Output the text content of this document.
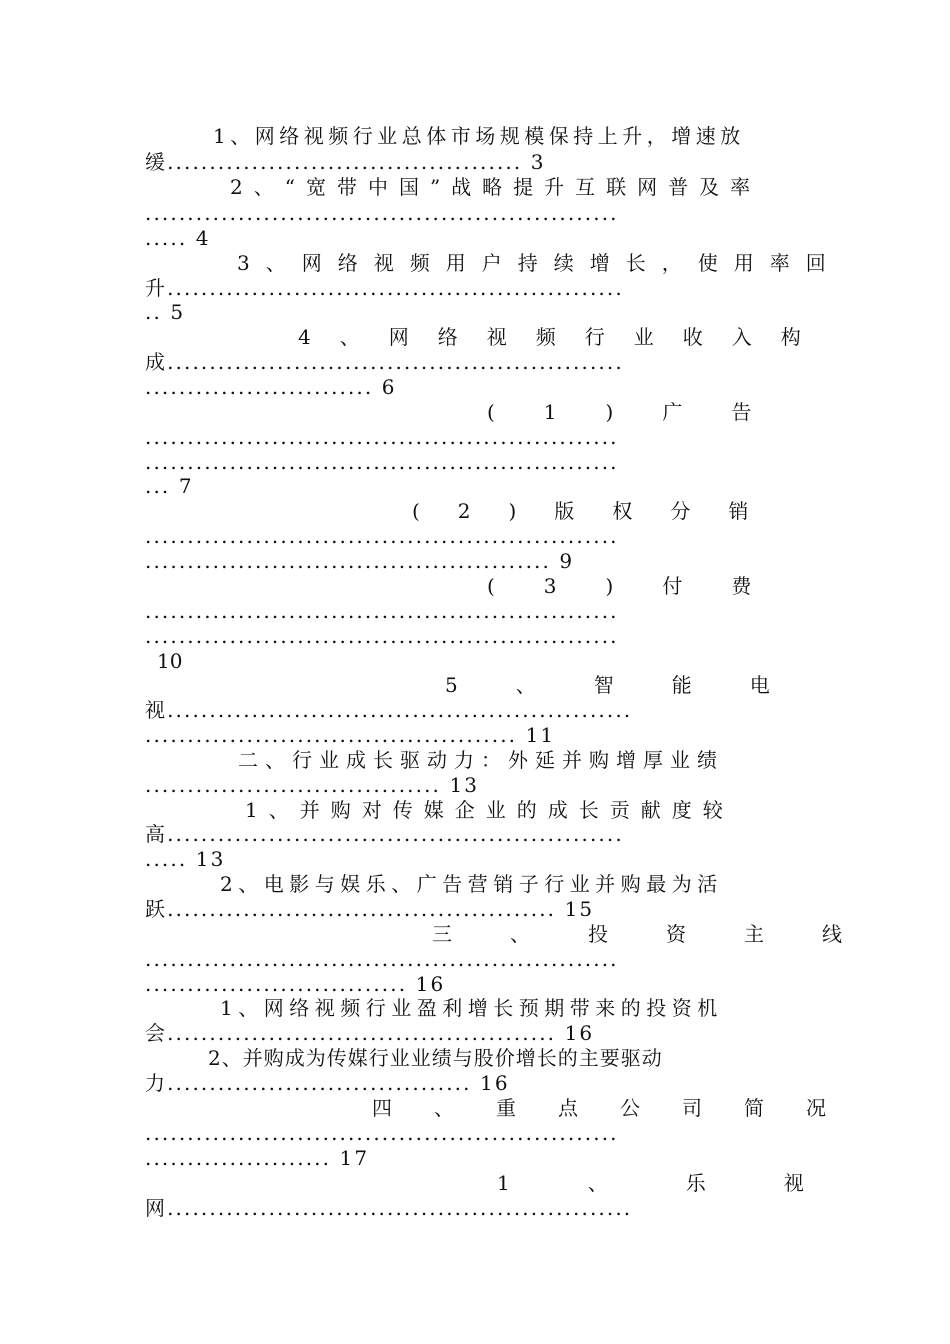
1、网络视频行业总体市场规模保持上升，增速放
缓.......................................... 3
2、“宽带中国”战略提升互联网普及率
........................................................
..... 4
3、网络视频用户持续增长，使用率回
升......................................................
.. 5
4、网络视频行业收入构
成......................................................
........................... 6
(1)广告
........................................................
........................................................
... 7
(2)版权分销
........................................................
................................................ 9
(3)付费
........................................................
........................................................
10
5、智能电
视.......................................................
............................................ 11
二、行业成长驱动力：外延并购增厚业绩
................................... 13
1、并购对传媒企业的成长贡献度较
高......................................................
..... 13
2、电影与娱乐、广告营销子行业并购最为活
跃.............................................. 15
三、投资主线
........................................................
............................... 16
1、网络视频行业盈利增长预期带来的投资机
会.............................................. 16
2、并购成为传媒行业业绩与股价增长的主要驱动
力.................................... 16
四、重点公司简况
........................................................
...................... 17
1、乐视
网.......................................................
